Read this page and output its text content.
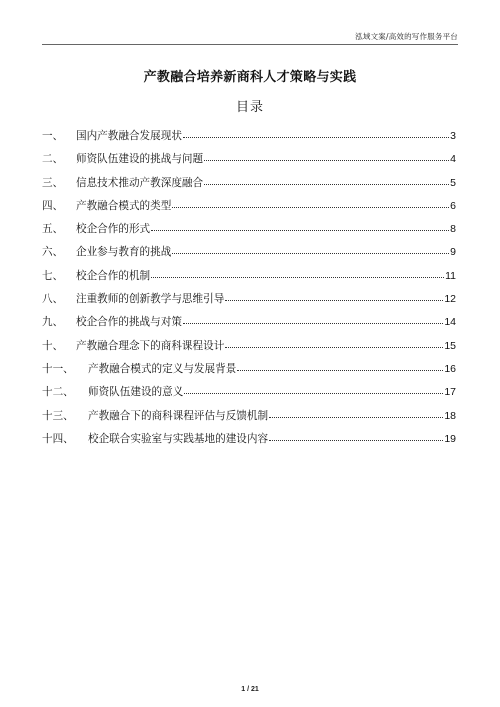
泓域文案/高效的写作服务平台
产教融合培养新商科人才策略与实践
目录
一、	国内产教融合发展现状	3
二、	师资队伍建设的挑战与问题	4
三、	信息技术推动产教深度融合	5
四、	产教融合模式的类型	6
五、	校企合作的形式	8
六、	企业参与教育的挑战	9
七、	校企合作的机制	11
八、	注重教师的创新教学与思维引导	12
九、	校企合作的挑战与对策	14
十、	产教融合理念下的商科课程设计	15
十一、	产教融合模式的定义与发展背景	16
十二、	师资队伍建设的意义	17
十三、	产教融合下的商科课程评估与反馈机制	18
十四、	校企联合实验室与实践基地的建设内容	19
1 / 21
